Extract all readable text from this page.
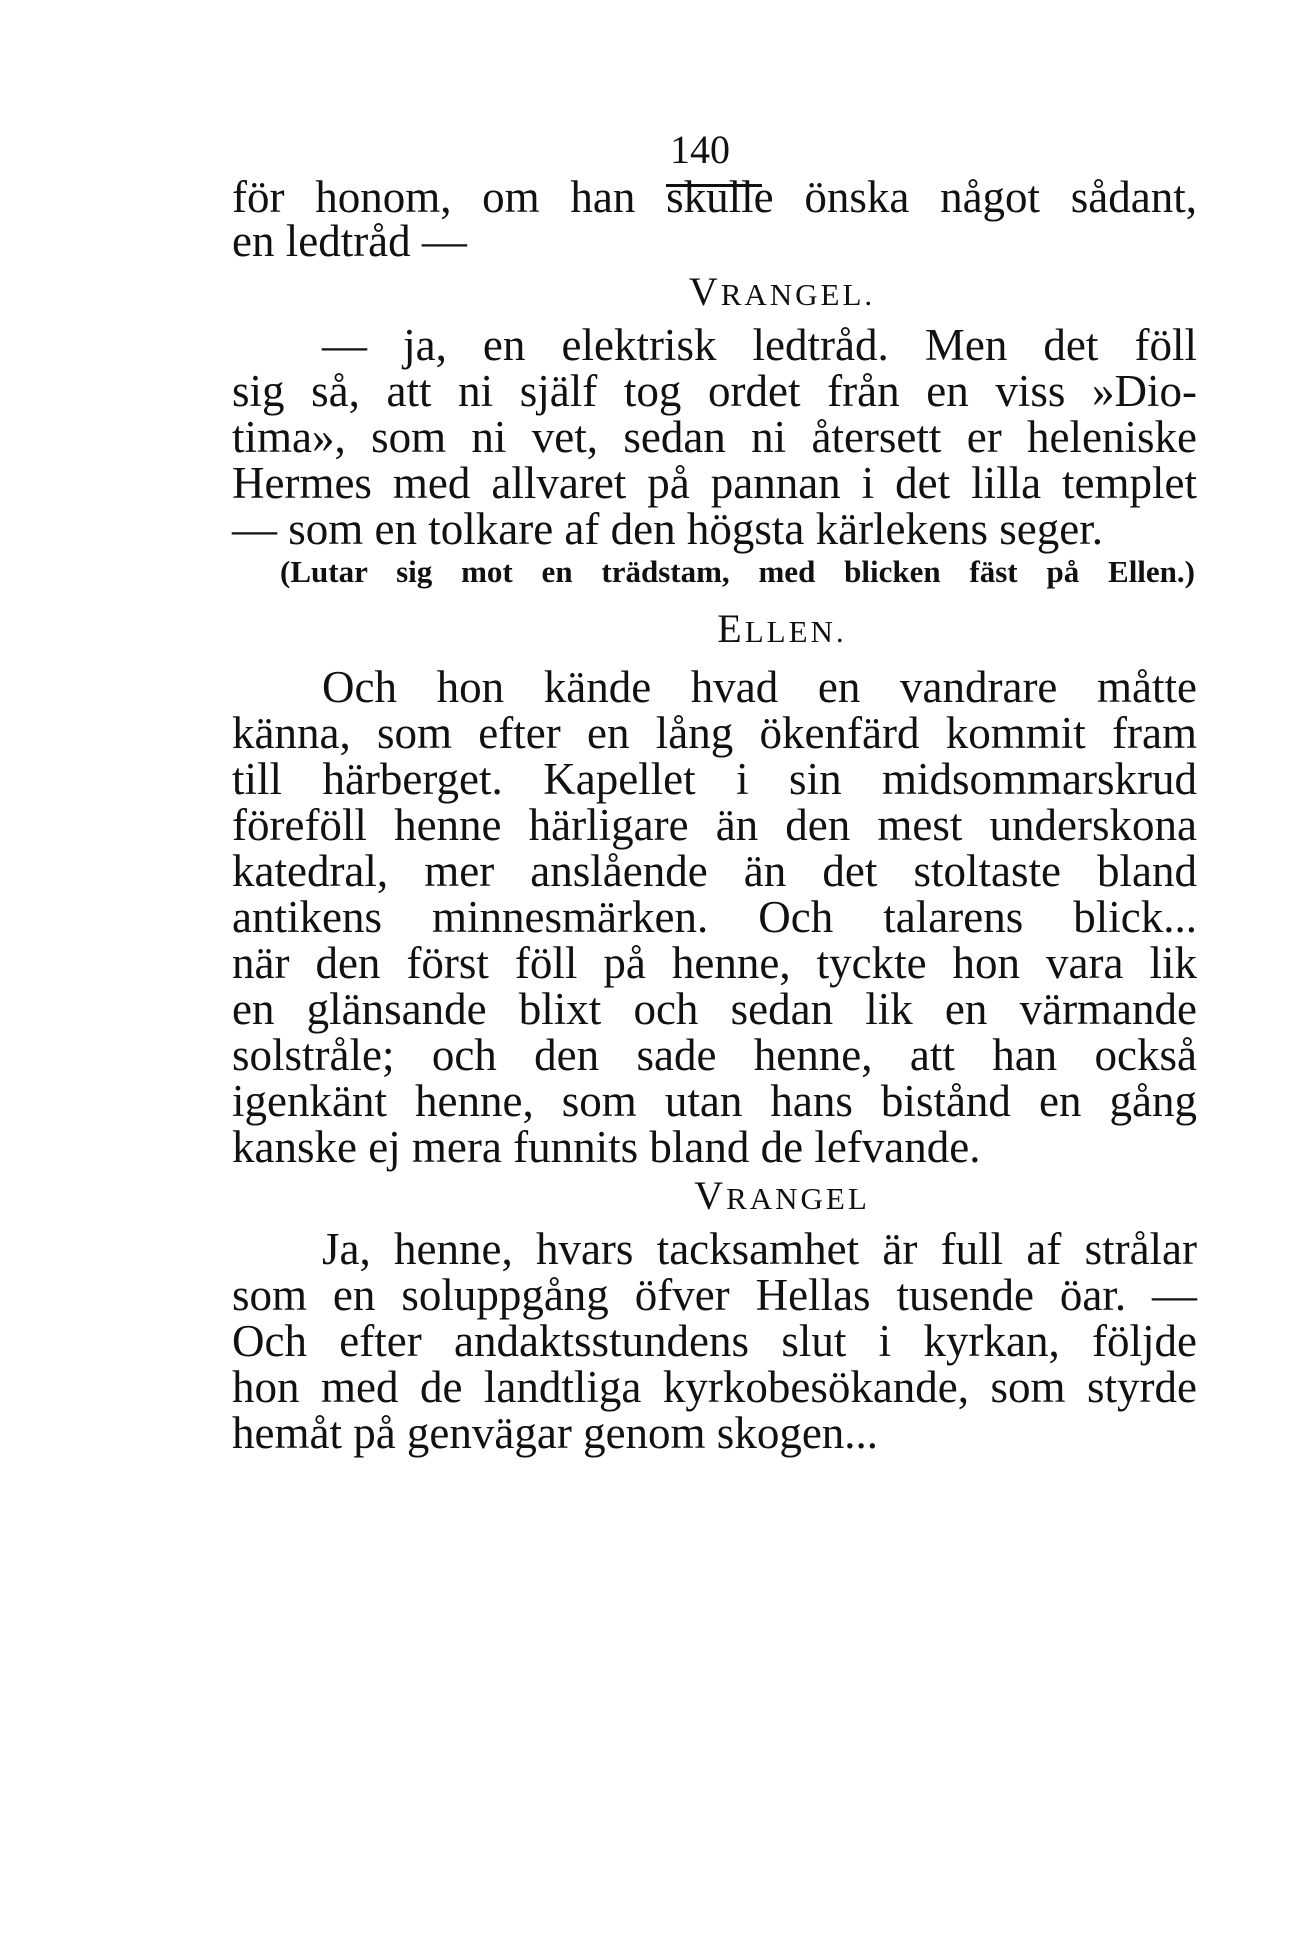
140
för honom, om han skulle önska något sådant,
en ledtråd —
VRANGEL.
— ja, en elektrisk ledtråd. Men det föll
sig så, att ni själf tog ordet från en viss »Dio-
tima», som ni vet, sedan ni återsett er heleniske
Hermes med allvaret på pannan i det lilla templet
— som en tolkare af den högsta kärlekens seger.
(Lutar sig mot en trädstam, med blicken fäst på Ellen.)
ELLEN.
Och hon kände hvad en vandrare måtte
känna, som efter en lång ökenfärd kommit fram
till härberget. Kapellet i sin midsommarskrud
föreföll henne härligare än den mest underskona
katedral, mer anslående än det stoltaste bland
antikens minnesmärken. Och talarens blick...
när den först föll på henne, tyckte hon vara lik
en glänsande blixt och sedan lik en värmande
solstråle; och den sade henne, att han också
igenkänt henne, som utan hans bistånd en gång
kanske ej mera funnits bland de lefvande.
VRANGEL
Ja, henne, hvars tacksamhet är full af strålar
som en soluppgång öfver Hellas tusende öar. —
Och efter andaktsstundens slut i kyrkan, följde
hon med de landtliga kyrkobesökande, som styrde
hemåt på genvägar genom skogen...
